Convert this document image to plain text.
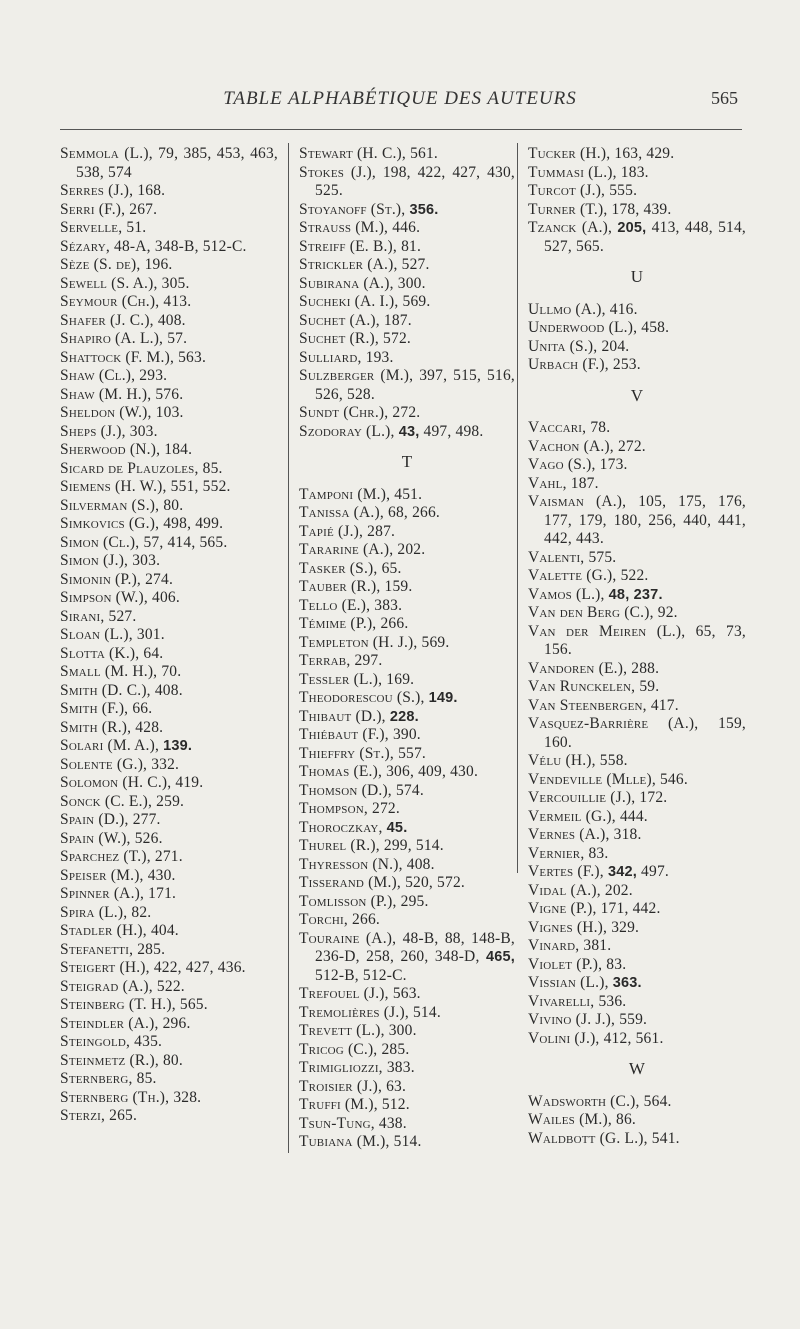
TABLE ALPHABÉTIQUE DES AUTEURS	565
Semmola (L.), 79, 385, 453, 463, 538, 574
Serres (J.), 168.
Serri (F.), 267.
Servelle, 51.
Sézary, 48-A, 348-B, 512-C.
Sèze (S. de), 196.
Sewell (S. A.), 305.
Seymour (Ch.), 413.
Shafer (J. C.), 408.
Shapiro (A. L.), 57.
Shattock (F. M.), 563.
Shaw (Cl.), 293.
Shaw (M. H.), 576.
Sheldon (W.), 103.
Sheps (J.), 303.
Sherwood (N.), 184.
Sicard de Plauzoles, 85.
Siemens (H. W.), 551, 552.
Silverman (S.), 80.
Simkovics (G.), 498, 499.
Simon (Cl.), 57, 414, 565.
Simon (J.), 303.
Simonin (P.), 274.
Simpson (W.), 406.
Sirani, 527.
Sloan (L.), 301.
Slotta (K.), 64.
Small (M. H.), 70.
Smith (D. C.), 408.
Smith (F.), 66.
Smith (R.), 428.
Solari (M. A.), 139.
Solente (G.), 332.
Solomon (H. C.), 419.
Sonck (C. E.), 259.
Spain (D.), 277.
Spain (W.), 526.
Sparchez (T.), 271.
Speiser (M.), 430.
Spinner (A.), 171.
Spira (L.), 82.
Stadler (H.), 404.
Stefanetti, 285.
Steigert (H.), 422, 427, 436.
Steigrad (A.), 522.
Steinberg (T. H.), 565.
Steindler (A.), 296.
Steingold, 435.
Steinmetz (R.), 80.
Sternberg, 85.
Sternberg (Th.), 328.
Sterzi, 265.
Stewart (H. C.), 561.
Stokes (J.), 198, 422, 427, 430, 525.
Stoyanoff (St.), 356.
Strauss (M.), 446.
Streiff (E. B.), 81.
Strickler (A.), 527.
Subirana (A.), 300.
Sucheki (A. I.), 569.
Suchet (A.), 187.
Suchet (R.), 572.
Sulliard, 193.
Sulzberger (M.), 397, 515, 516, 526, 528.
Sundt (Chr.), 272.
Szodoray (L.), 43, 497, 498.
T
Tamponi (M.), 451.
Tanissa (A.), 68, 266.
Tapié (J.), 287.
Tararine (A.), 202.
Tasker (S.), 65.
Tauber (R.), 159.
Tello (E.), 383.
Témime (P.), 266.
Templeton (H. J.), 569.
Terrab, 297.
Tessler (L.), 169.
Theodorescou (S.), 149.
Thibaut (D.), 228.
Thiébaut (F.), 390.
Thieffry (St.), 557.
Thomas (E.), 306, 409, 430.
Thomson (D.), 574.
Thompson, 272.
Thoroczkay, 45.
Thurel (R.), 299, 514.
Thyresson (N.), 408.
Tisserand (M.), 520, 572.
Tomlisson (P.), 295.
Torchi, 266.
Touraine (A.), 48-B, 88, 148-B, 236-D, 258, 260, 348-D, 465, 512-B, 512-C.
Trefouel (J.), 563.
Tremolières (J.), 514.
Trevett (L.), 300.
Tricog (C.), 285.
Trimigliozzi, 383.
Troisier (J.), 63.
Truffi (M.), 512.
Tsun-Tung, 438.
Tubiana (M.), 514.
Tucker (H.), 163, 429.
Tummasi (L.), 183.
Turcot (J.), 555.
Turner (T.), 178, 439.
Tzanck (A.), 205, 413, 448, 514, 527, 565.
U
Ullmo (A.), 416.
Underwood (L.), 458.
Unita (S.), 204.
Urbach (F.), 253.
V
Vaccari, 78.
Vachon (A.), 272.
Vago (S.), 173.
Vahl, 187.
Vaisman (A.), 105, 175, 176, 177, 179, 180, 256, 440, 441, 442, 443.
Valenti, 575.
Valette (G.), 522.
Vamos (L.), 48, 237.
Van den Berg (C.), 92.
Van der Meiren (L.), 65, 73, 156.
Vandoren (E.), 288.
Van Runckelen, 59.
Van Steenbergen, 417.
Vasquez-Barrière (A.), 159, 160.
Vélu (H.), 558.
Vendeville (Mlle), 546.
Vercouillie (J.), 172.
Vermeil (G.), 444.
Vernes (A.), 318.
Vernier, 83.
Vertes (F.), 342, 497.
Vidal (A.), 202.
Vigne (P.), 171, 442.
Vignes (H.), 329.
Vinard, 381.
Violet (P.), 83.
Vissian (L.), 363.
Vivarelli, 536.
Vivino (J. J.), 559.
Volini (J.), 412, 561.
W
Wadsworth (C.), 564.
Wailes (M.), 86.
Waldbott (G. L.), 541.
